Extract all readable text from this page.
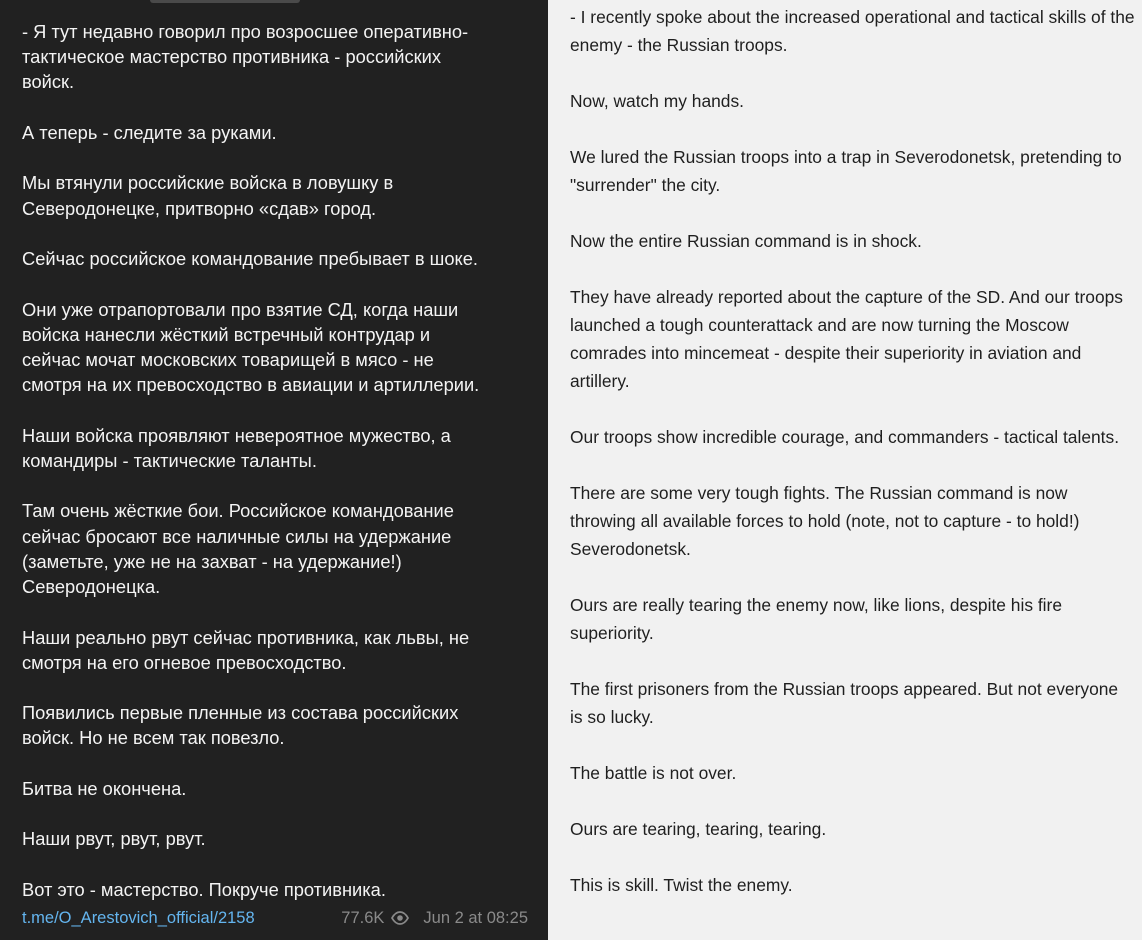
- Я тут недавно говорил про возросшее оперативно-
тактическое мастерство противника - российских
войск.

А теперь - следите за руками.

Мы втянули российские войска в ловушку в
Северодонецке, притворно «сдав» город.

Сейчас российское командование пребывает в шоке.

Они уже отрапортовали про взятие СД, когда наши
войска нанесли жёсткий встречный контрудар и
сейчас мочат московских товарищей в мясо - не
смотря на их превосходство в авиации и артиллерии.

Наши войска проявляют невероятное мужество, а
командиры - тактические таланты.

Там очень жёсткие бои. Российское командование
сейчас бросают все наличные силы на удержание
(заметьте, уже не на захват - на удержание!)
Северодонецка.

Наши реально рвут сейчас противника, как львы, не
смотря на его огневое превосходство.

Появились первые пленные из состава российских
войск. Но не всем так повезло.

Битва не окончена.

Наши рвут, рвут, рвут.

Вот это - мастерство. Покруче противника.

t.me/O_Arestovich_official/2158	77.6K Jun 2 at 08:25

- I recently spoke about the increased operational and tactical skills of the enemy - the Russian troops.

Now, watch my hands.

We lured the Russian troops into a trap in Severodonetsk, pretending to "surrender" the city.

Now the entire Russian command is in shock.

They have already reported about the capture of the SD. And our troops launched a tough counterattack and are now turning the Moscow comrades into mincemeat - despite their superiority in aviation and artillery.

Our troops show incredible courage, and commanders - tactical talents.

There are some very tough fights. The Russian command is now throwing all available forces to hold (note, not to capture - to hold!) Severodonetsk.

Ours are really tearing the enemy now, like lions, despite his fire superiority.

The first prisoners from the Russian troops appeared. But not everyone is so lucky.

The battle is not over.

Ours are tearing, tearing, tearing.

This is skill. Twist the enemy.
